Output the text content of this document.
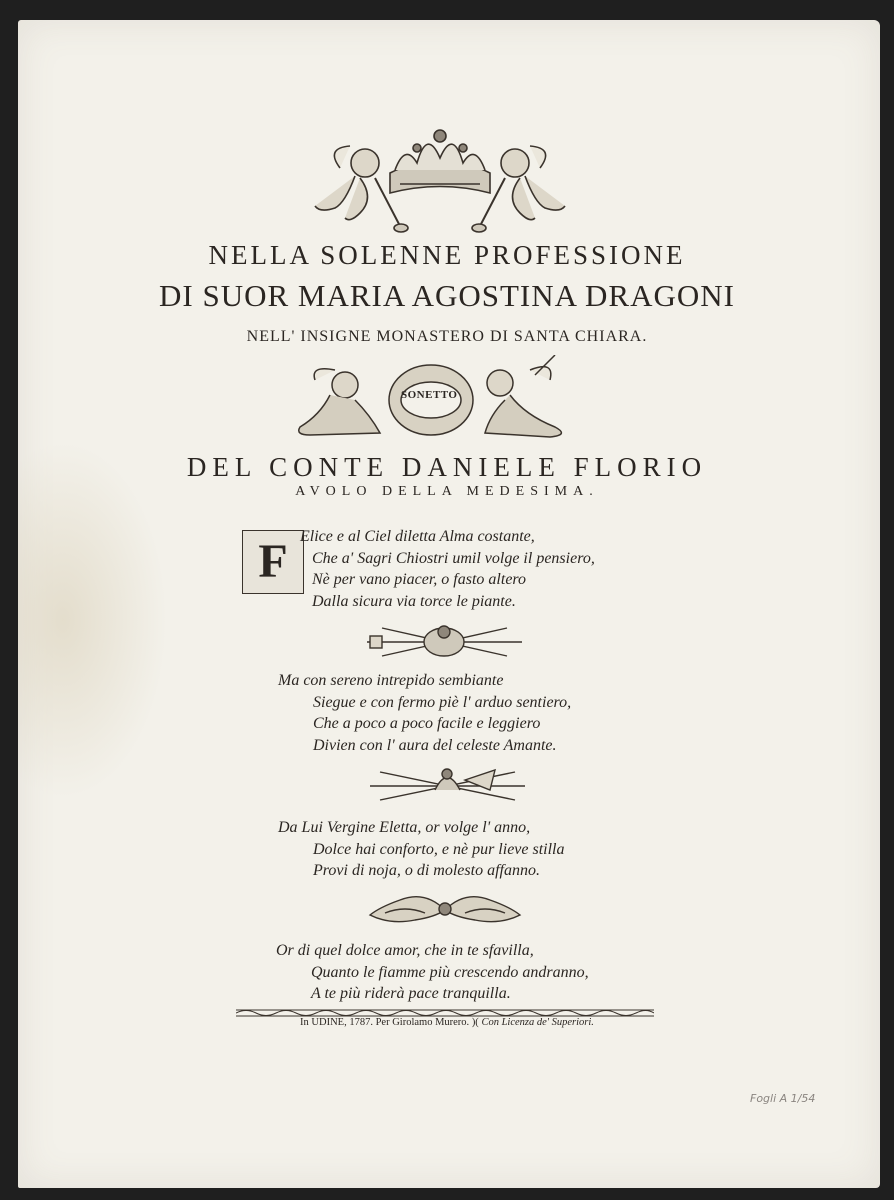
NELLA SOLENNE PROFESSIONE
DI SUOR MARIA AGOSTINA DRAGONI
NELL' INSIGNE MONASTERO DI SANTA CHIARA.
SONETTO
DEL CONTE DANIELE FLORIO
AVOLO DELLA MEDESIMA.
F Elice e al Ciel diletta Alma costante,
Che a' Sagri Chiostri umil volge il pensiero,
Nè per vano piacer, o fasto altero
Dalla sicura via torce le piante.
Ma con sereno intrepido sembiante
Siegue e con fermo piè l' arduo sentiero,
Che a poco a poco facile e leggiero
Divien con l' aura del celeste Amante.
Da Lui Vergine Eletta, or volge l' anno,
Dolce hai conforto, e nè pur lieve stilla
Provi di noja, o di molesto affanno.
Or di quel dolce amor, che in te sfavilla,
Quanto le fiamme più crescendo andranno,
A te più riderà pace tranquilla.
In UDINE, 1787. Per Girolamo Murero. )( Con Licenza de' Superiori.
Fogli A 1/54
